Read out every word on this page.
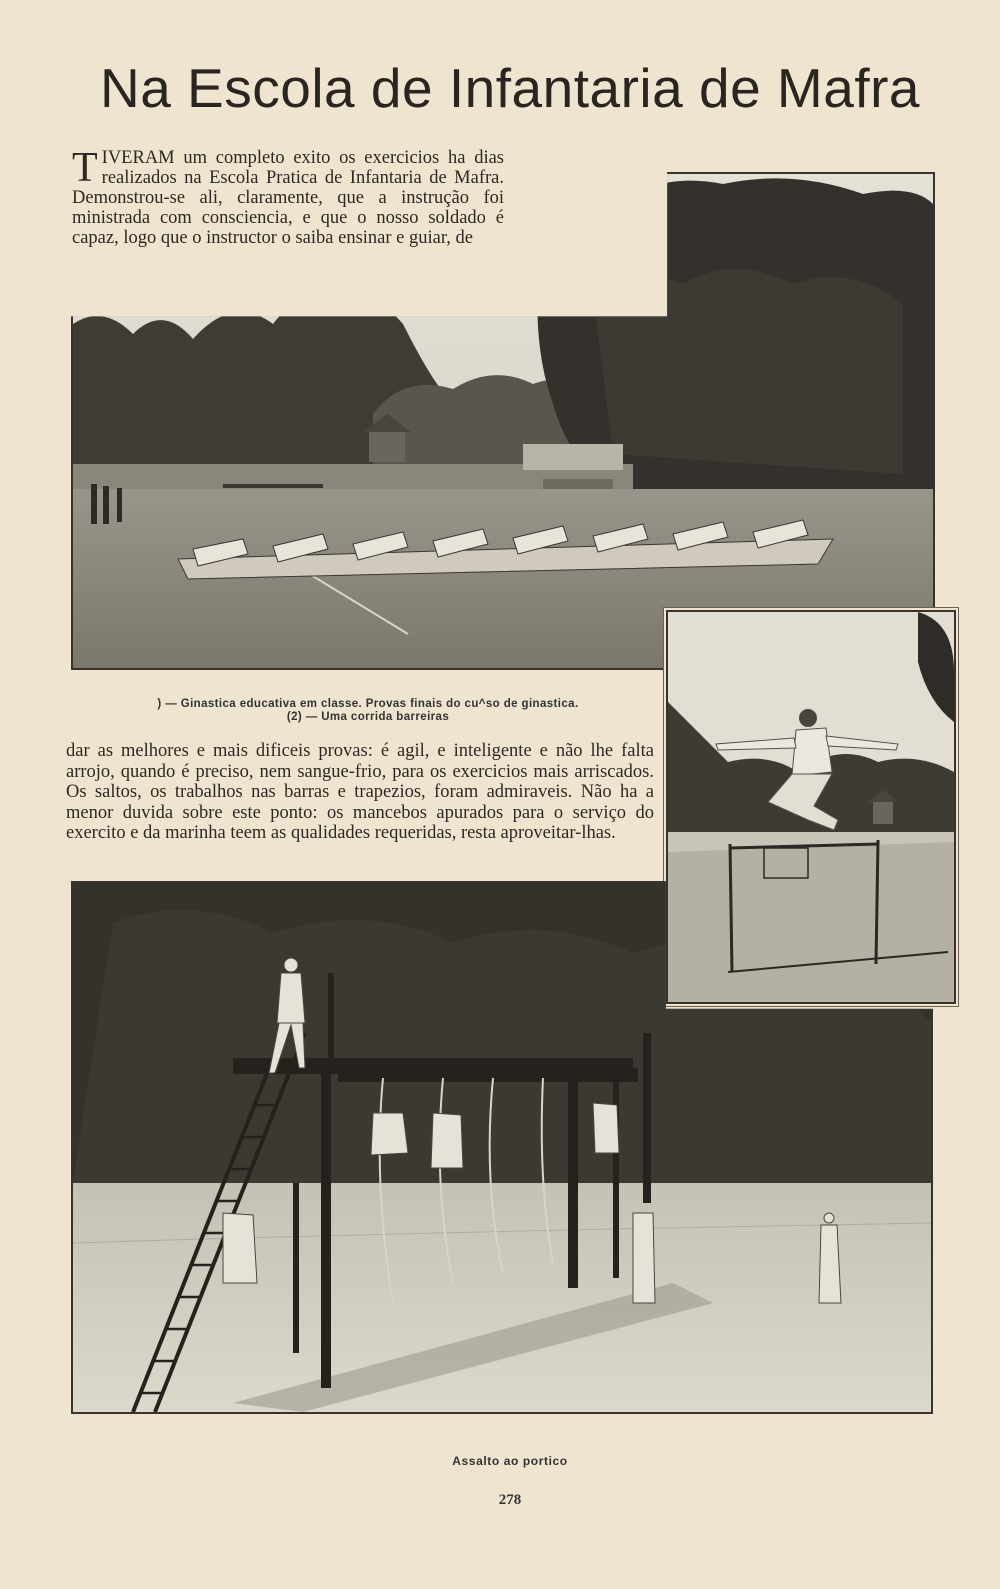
Na Escola de Infantaria de Mafra

TIVERAM um completo exito os exercicios ha dias realizados na Escola Pratica de Infantaria de Mafra. Demonstrou-se ali, claramente, que a instrução foi ministrada com consciencia, e que o nosso soldado é capaz, logo que o instructor o saiba ensinar e guiar, de

) — Ginastica educativa em classe. Provas finais do cu^so de ginastica.
(2) — Uma corrida barreiras

dar as melhores e mais dificeis provas: é agil, e inteligente e não lhe falta arrojo, quando é preciso, nem sangue-frio, para os exercicios mais arriscados. Os saltos, os trabalhos nas barras e trapezios, foram admiraveis. Não ha a menor duvida sobre este ponto: os mancebos apurados para o serviço do exercito e da marinha teem as qualidades requeridas, resta aproveitar-lhas.

Assalto ao portico
278
